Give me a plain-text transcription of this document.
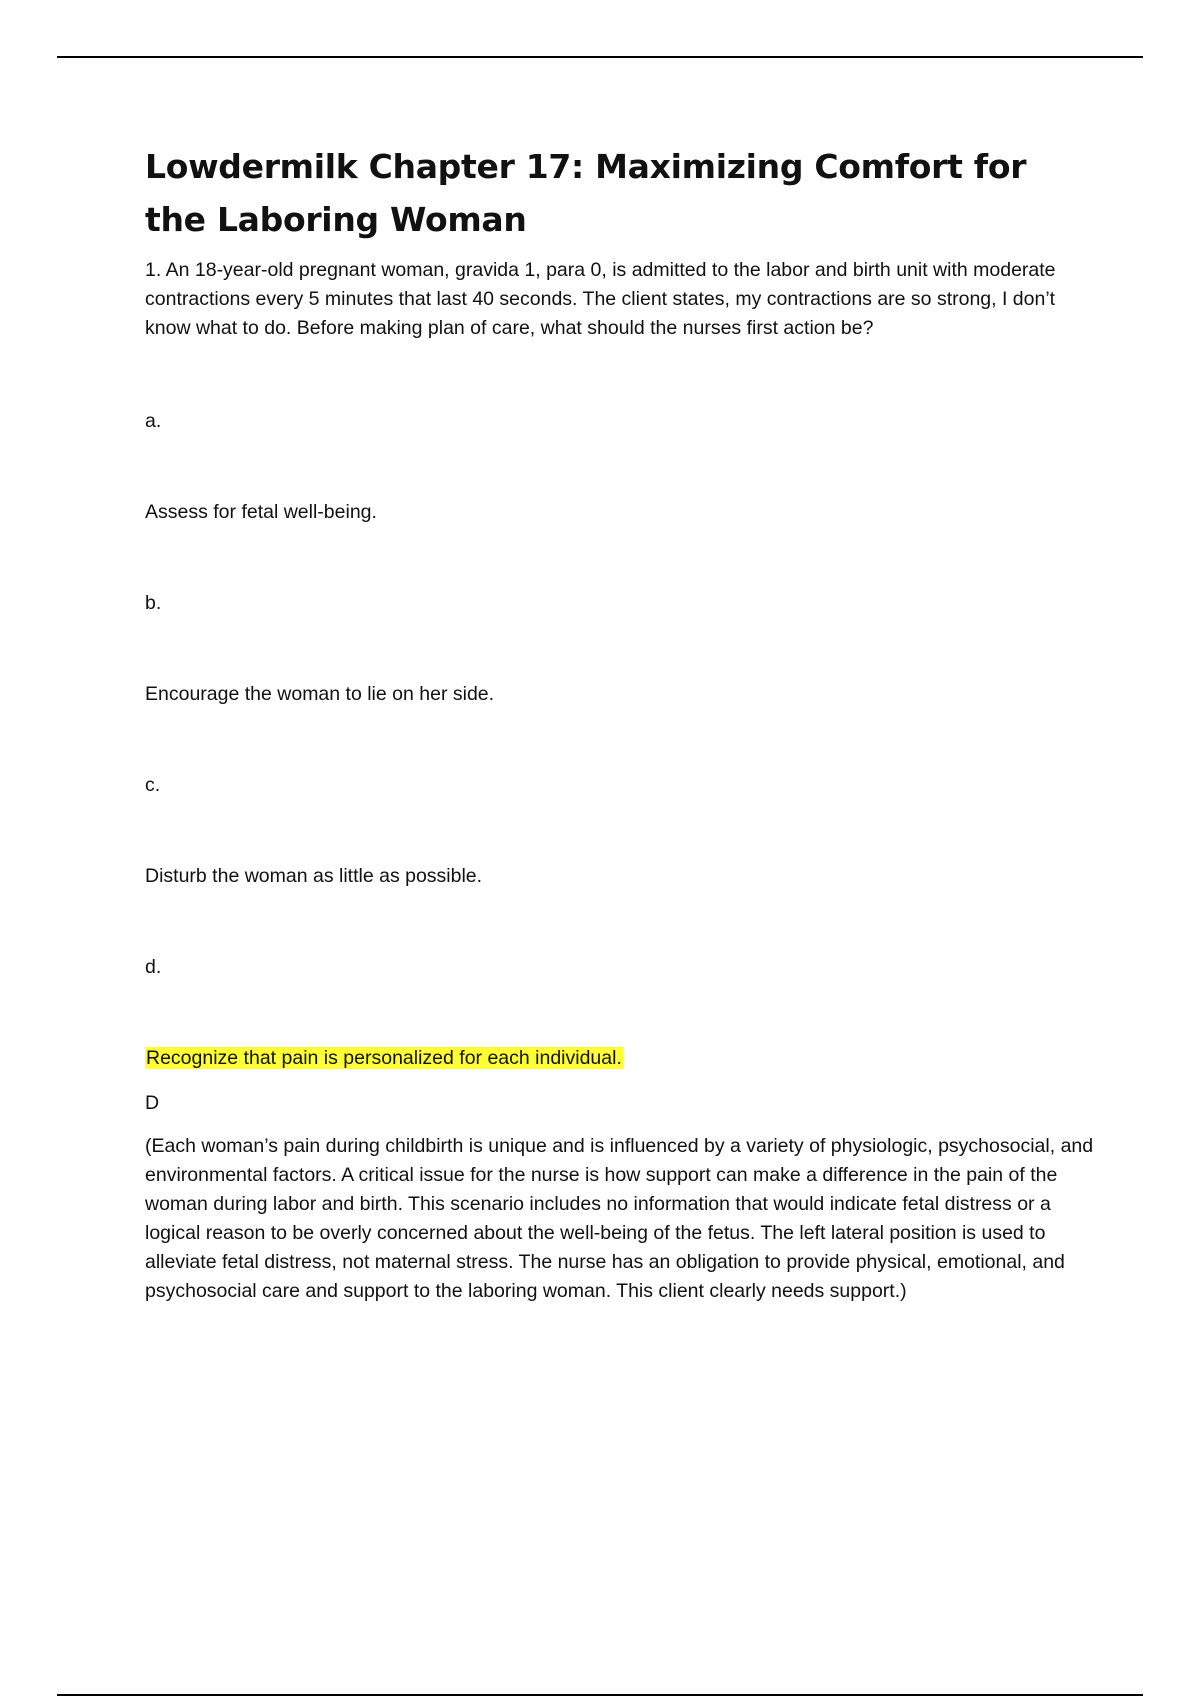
Lowdermilk Chapter 17: Maximizing Comfort for the Laboring Woman

1. An 18-year-old pregnant woman, gravida 1, para 0, is admitted to the labor and birth unit with moderate contractions every 5 minutes that last 40 seconds. The client states, my contractions are so strong, I don’t know what to do. Before making plan of care, what should the nurses first action be?

a.

Assess for fetal well-being.

b.

Encourage the woman to lie on her side.

c.

Disturb the woman as little as possible.

d.

Recognize that pain is personalized for each individual.

D

(Each woman’s pain during childbirth is unique and is influenced by a variety of physiologic, psychosocial, and environmental factors. A critical issue for the nurse is how support can make a difference in the pain of the woman during labor and birth. This scenario includes no information that would indicate fetal distress or a logical reason to be overly concerned about the well-being of the fetus. The left lateral position is used to alleviate fetal distress, not maternal stress. The nurse has an obligation to provide physical, emotional, and psychosocial care and support to the laboring woman. This client clearly needs support.)
